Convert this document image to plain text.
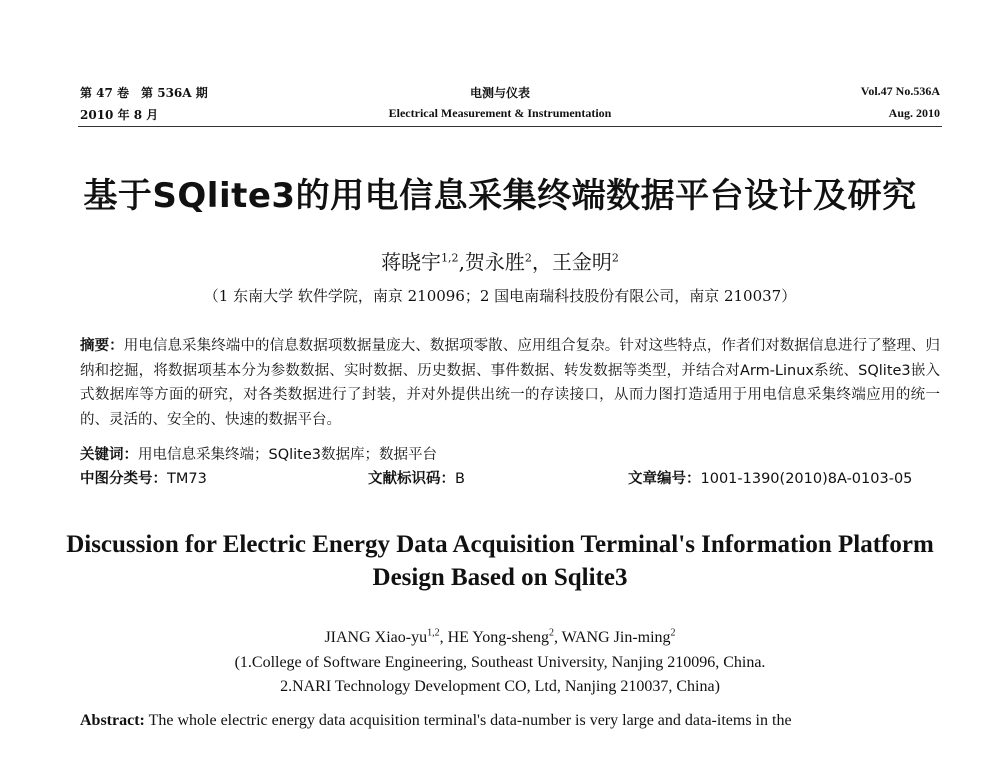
第 47 卷　第 536A 期
2010 年 8 月
电测与仪表
Electrical Measurement & Instrumentation
Vol.47 No.536A
Aug. 2010
基于SQlite3的用电信息采集终端数据平台设计及研究
蒋晓宇$^{1,2}$,贺永胜$^2$，王金明$^2$
（1 东南大学 软件学院，南京 210096；2 国电南瑞科技股份有限公司，南京 210037）
摘要：用电信息采集终端中的信息数据项数据量庞大、数据项零散、应用组合复杂。针对这些特点，作者们对数据信息进行了整理、归纳和挖掘，将数据项基本分为参数数据、实时数据、历史数据、事件数据、转发数据等类型，并结合对Arm-Linux系统、SQlite3嵌入式数据库等方面的研究，对各类数据进行了封装，并对外提供出统一的存读接口，从而力图打造适用于用电信息采集终端应用的统一的、灵活的、安全的、快速的数据平台。
关键词：用电信息采集终端；SQlite3数据库；数据平台
中图分类号：TM73	文献标识码：B	文章编号：1001-1390(2010)8A-0103-05
Discussion for Electric Energy Data Acquisition Terminal's Information Platform
Design Based on Sqlite3
JIANG Xiao-yu$^{1,2}$, HE Yong-sheng$^2$, WANG Jin-ming$^2$
(1.College of Software Engineering, Southeast University, Nanjing 210096, China.
2.NARI Technology Development CO, Ltd, Nanjing 210037, China)
Abstract: The whole electric energy data acquisition terminal's data-number is very large and data-items in the
